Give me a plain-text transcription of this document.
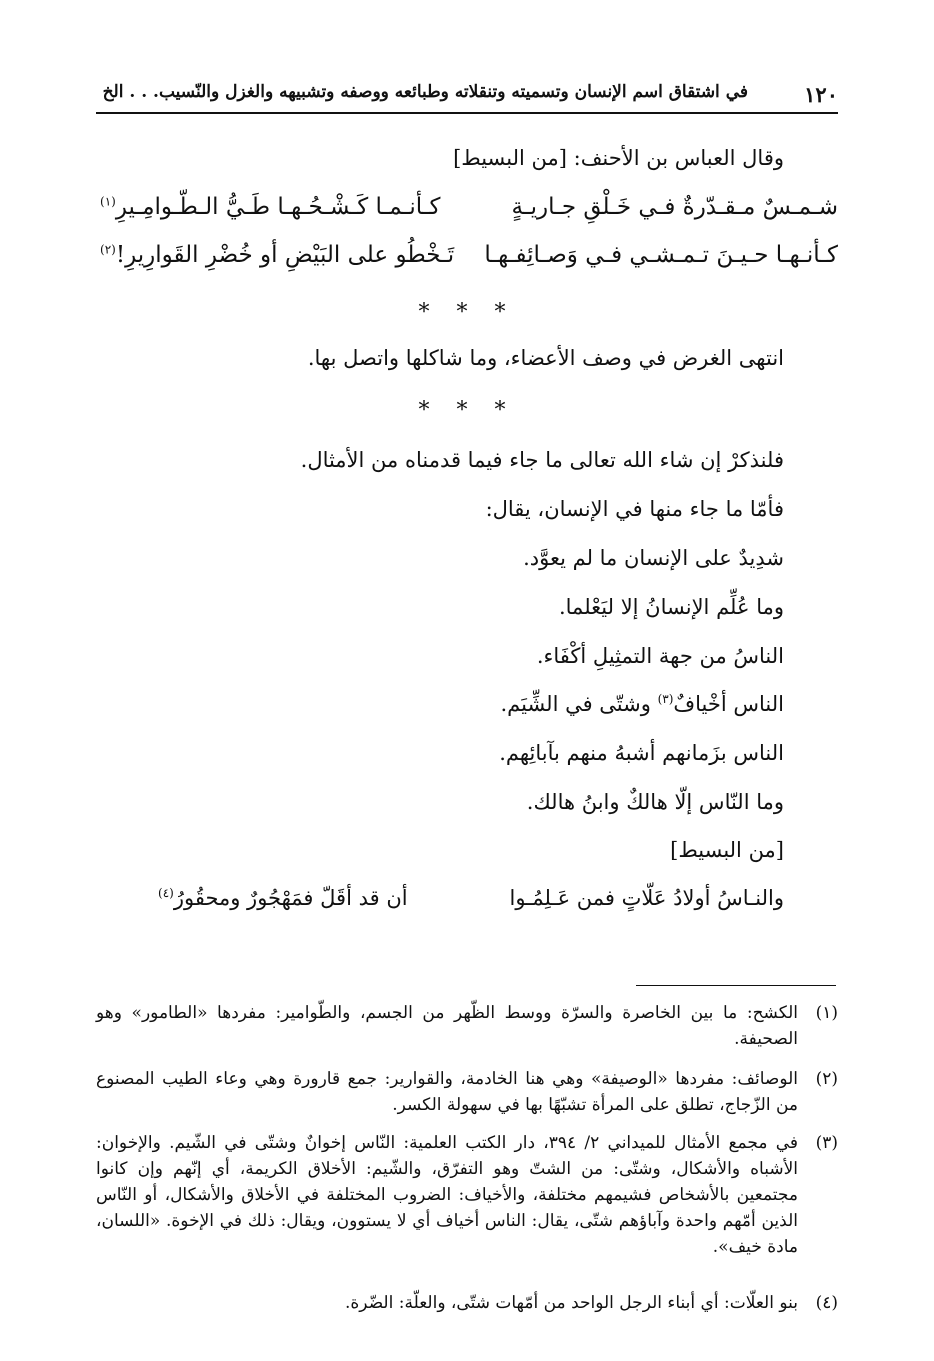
١٢٠
في اشتقاق اسم الإنسان وتسميته وتنقلاته وطبائعه ووصفه وتشبيهه والغزل والنّسيب. . . الخ
وقال العباس بن الأحنف: [من البسيط]
شـمـسٌ مـقـدّرةٌ فـي خَـلْقِ جـاريـةٍ
كـأنـمـا كَـشْـحُـهـا طَـيُّ الـطّـوامِـيرِ$^{(١)}$
كـأنـهـا حـيـنَ تـمـشـي فـي وَصـائِفـهـا
تَـخْطُو على البَيْضِ أو خُضْرِ القَوارِيرِ!$^{(٢)}$
* * *
انتهى الغرض في وصف الأعضاء، وما شاكلها واتصل بها.
* * *
فلنذكرْ إن شاء الله تعالى ما جاء فيما قدمناه من الأمثال.
فأمّا ما جاء منها في الإنسان، يقال:
شدِيدٌ على الإنسان ما لم يعوَّد.
وما عُلِّم الإنسانُ إلا ليَعْلما.
الناسُ من جهة التمثِيلِ أكْفَاء.
الناس أخْيافٌ$^{(٣)}$ وشتّى في الشِّيَم.
الناس بزَمانهم أشبهُ منهم بآبائِهم.
وما النّاس إلّا هالكٌ وابنُ هالك.
[من البسيط]
والنـاسُ أولادُ عَلّاتٍ فمن عَـلِمُـوا
أن قد أقَلّ فمَهْجُورٌ ومحقُورُ$^{(٤)}$
(١)
الكشح: ما بين الخاصرة والسرّة ووسط الظّهر من الجسم، والطّوامير: مفردها «الطامور» وهو الصحيفة.
(٢)
الوصائف: مفردها «الوصيفة» وهي هنا الخادمة، والقوارير: جمع قارورة وهي وعاء الطيب المصنوع من الزّجاج، تطلق على المرأة تشبّهًا بها في سهولة الكسر.
(٣)
في مجمع الأمثال للميداني ٢/ ٣٩٤، دار الكتب العلمية: النّاس إخوانٌ وشتّى في الشّيم. والإخوان: الأشباه والأشكال، وشتّى: من الشتّ وهو التفرّق، والشّيم: الأخلاق الكريمة، أي إنّهم وإن كانوا مجتمعين بالأشخاص فشيمهم مختلفة، والأخياف: الضروب المختلفة في الأخلاق والأشكال، أو النّاس الذين أمّهم واحدة وآباؤهم شتّى، يقال: الناس أخياف أي لا يستوون، ويقال: ذلك في الإخوة. «اللسان، مادة خيف».
(٤)
بنو العلّات: أي أبناء الرجل الواحد من أمّهات شتّى، والعلّة: الضّرة.
